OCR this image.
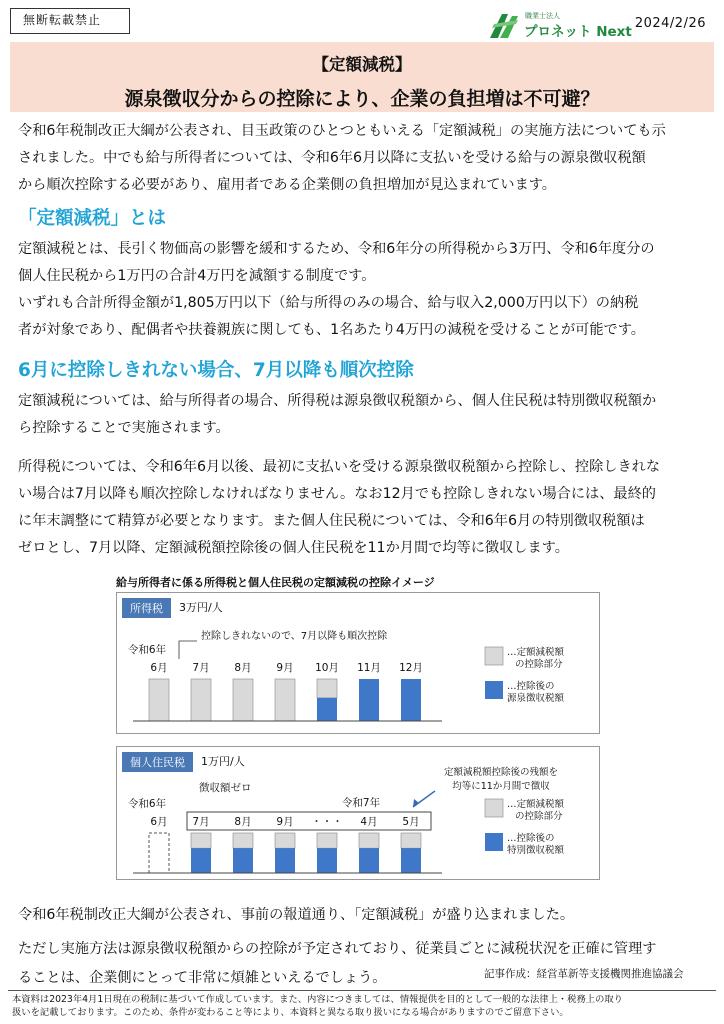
無断転載禁止	職業士法人
プロネット Next
2024/2/26
【定額減税】
源泉徴収分からの控除により、企業の負担増は不可避？
令和6年税制改正大綱が公表され、目玉政策のひとつともいえる「定額減税」の実施方法についても示
されました。中でも給与所得者については、令和6年6月以降に支払いを受ける給与の源泉徴収税額
から順次控除する必要があり、雇用者である企業側の負担増加が見込まれています。
「定額減税」とは
定額減税とは、長引く物価高の影響を緩和するため、令和6年分の所得税から3万円、令和6年度分の
個人住民税から1万円の合計4万円を減額する制度です。
いずれも合計所得金額が1,805万円以下（給与所得のみの場合、給与収入2,000万円以下）の納税
者が対象であり、配偶者や扶養親族に関しても、1名あたり4万円の減税を受けることが可能です。
6月に控除しきれない場合、7月以降も順次控除
定額減税については、給与所得者の場合、所得税は源泉徴収税額から、個人住民税は特別徴収税額か
ら控除することで実施されます。
所得税については、令和6年6月以後、最初に支払いを受ける源泉徴収税額から控除し、控除しきれな
い場合は7月以降も順次控除しなければなりません。なお12月でも控除しきれない場合には、最終的
に年末調整にて精算が必要となります。また個人住民税については、令和6年6月の特別徴収税額は
ゼロとし、7月以降、定額減税額控除後の個人住民税を11か月間で均等に徴収します。
給与所得者に係る所得税と個人住民税の定額減税の控除イメージ
所得税	3万円/人
令和6年
控除しきれないので、7月以降も順次控除
6月 7月 8月 9月 10月 11月 12月
…定額減税額
の控除部分
…控除後の
源泉徴収税額
個人住民税	1万円/人
令和6年
徴収額ゼロ
令和7年
定額減税額控除後の残額を
均等に11か月間で徴収
6月 7月 8月 9月 ・・・ 4月 5月
…定額減税額
の控除部分
…控除後の
特別徴収税額
令和6年税制改正大綱が公表され、事前の報道通り、「定額減税」が盛り込まれました。
ただし実施方法は源泉徴収税額からの控除が予定されており、従業員ごとに減税状況を正確に管理す
ることは、企業側にとって非常に煩雑といえるでしょう。	記事作成：経営革新等支援機関推進協議会
本資料は2023年4月1日現在の税制に基づいて作成しています。また、内容につきましては、情報提供を目的として一般的な法律上・税務上の取り
扱いを記載しております。このため、条件が変わること等により、本資料と異なる取り扱いになる場合がありますのでご留意下さい。
